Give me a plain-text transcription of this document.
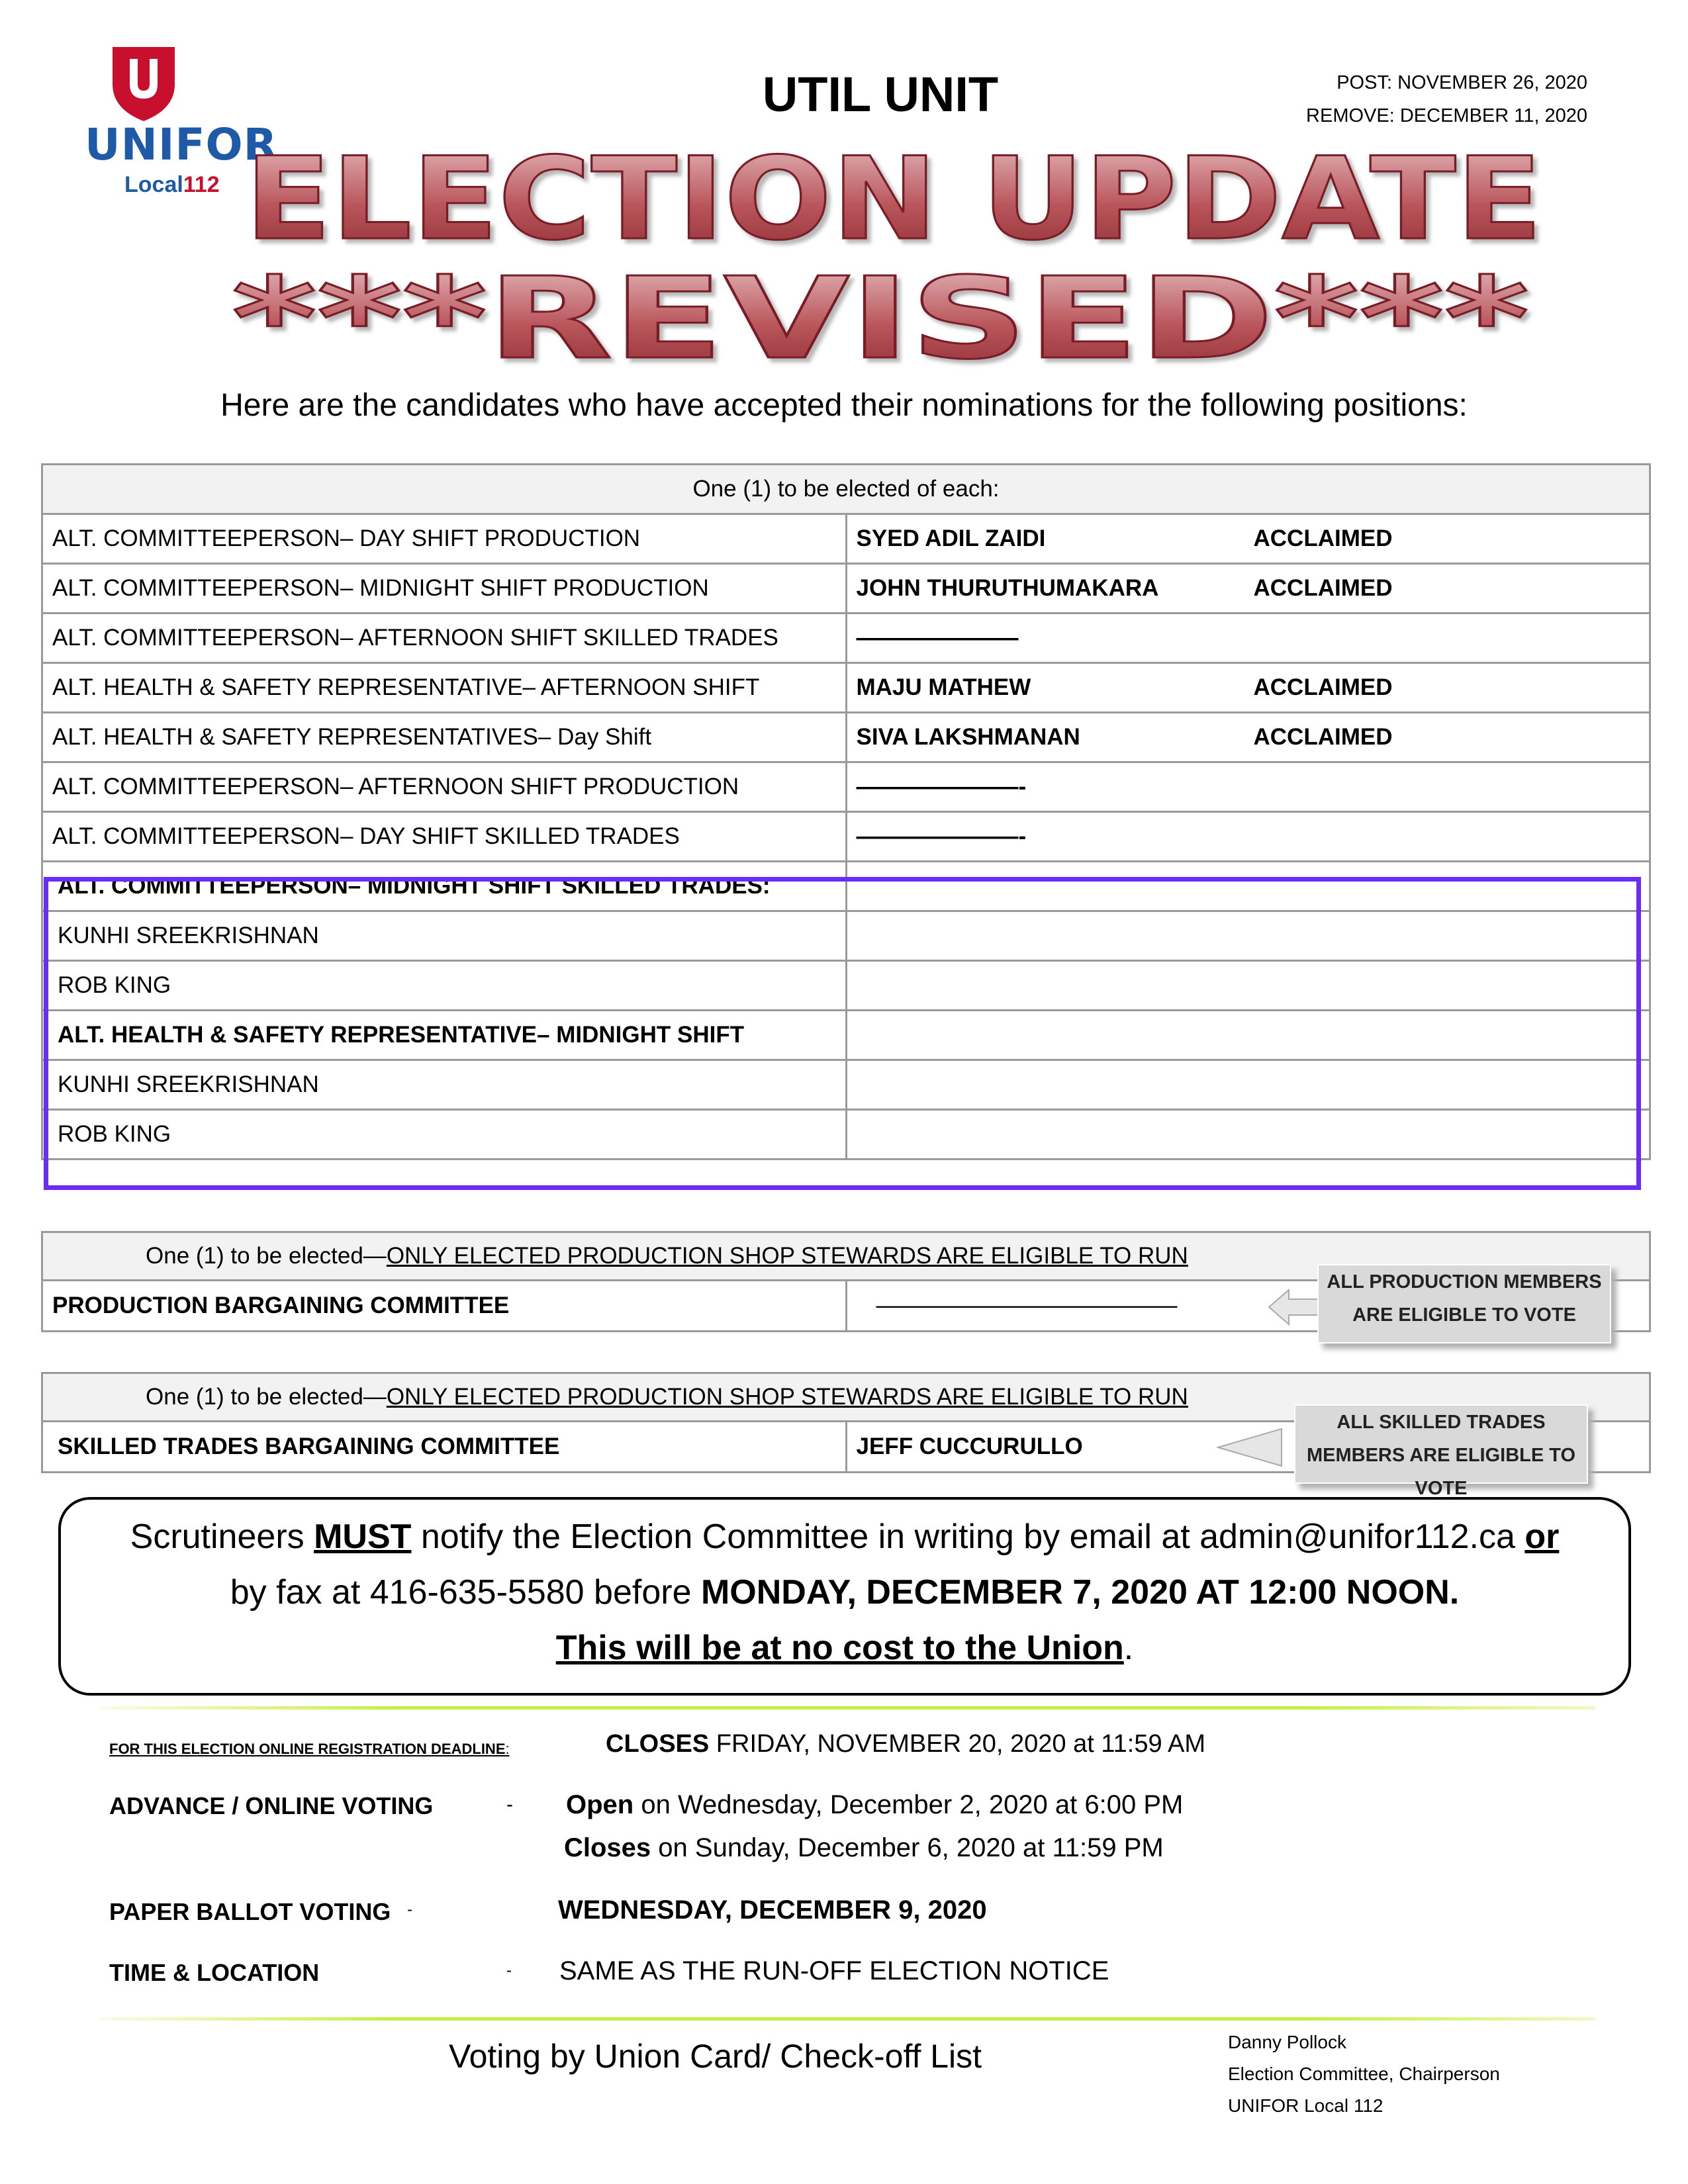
UNIFOR
Local112
UTIL UNIT	POST: NOVEMBER 26, 2020
REMOVE: DECEMBER 11, 2020
ELECTION UPDATE
***REVISED***
Here are the candidates who have accepted their nominations for the following positions:
One (1) to be elected of each:	
ALT. COMMITTEEPERSON– DAY SHIFT PRODUCTION	SYED ADIL ZAIDI ACCLAIMED
ALT. COMMITTEEPERSON– MIDNIGHT SHIFT PRODUCTION	JOHN THURUTHUMAKARA ACCLAIMED
ALT. COMMITTEEPERSON– AFTERNOON SHIFT SKILLED TRADES	———————
ALT. HEALTH & SAFETY REPRESENTATIVE– AFTERNOON SHIFT	MAJU MATHEW ACCLAIMED
ALT. HEALTH & SAFETY REPRESENTATIVES– Day Shift	SIVA LAKSHMANAN ACCLAIMED
ALT. COMMITTEEPERSON– AFTERNOON SHIFT PRODUCTION	———————-
ALT. COMMITTEEPERSON– DAY SHIFT SKILLED TRADES	———————-
ALT. COMMITTEEPERSON– MIDNIGHT SHIFT SKILLED TRADES:	
KUNHI SREEKRISHNAN	
ROB KING	
ALT. HEALTH & SAFETY REPRESENTATIVE– MIDNIGHT SHIFT	
KUNHI SREEKRISHNAN	
ROB KING	
One (1) to be elected—ONLY ELECTED PRODUCTION SHOP STEWARDS ARE ELIGIBLE TO RUN
PRODUCTION BARGAINING COMMITTEE	—————————————
ALL PRODUCTION MEMBERS
ARE ELIGIBLE TO VOTE
One (1) to be elected—ONLY ELECTED PRODUCTION SHOP STEWARDS ARE ELIGIBLE TO RUN
SKILLED TRADES BARGAINING COMMITTEE	JEFF CUCCURULLO
ALL SKILLED TRADES
MEMBERS ARE ELIGIBLE TO VOTE
Scrutineers MUST notify the Election Committee in writing by email at admin@unifor112.ca or
by fax at 416-635-5580 before MONDAY, DECEMBER 7, 2020 AT 12:00 NOON.
This will be at no cost to the Union.
FOR THIS ELECTION ONLINE REGISTRATION DEADLINE:	CLOSES FRIDAY, NOVEMBER 20, 2020 at 11:59 AM
ADVANCE / ONLINE VOTING	- Open on Wednesday, December 2, 2020 at 6:00 PM
Closes on Sunday, December 6, 2020 at 11:59 PM
PAPER BALLOT VOTING -	WEDNESDAY, DECEMBER 9, 2020
TIME & LOCATION	- SAME AS THE RUN-OFF ELECTION NOTICE
Voting by Union Card/ Check-off List	Danny Pollock
Election Committee, Chairperson
UNIFOR Local 112
